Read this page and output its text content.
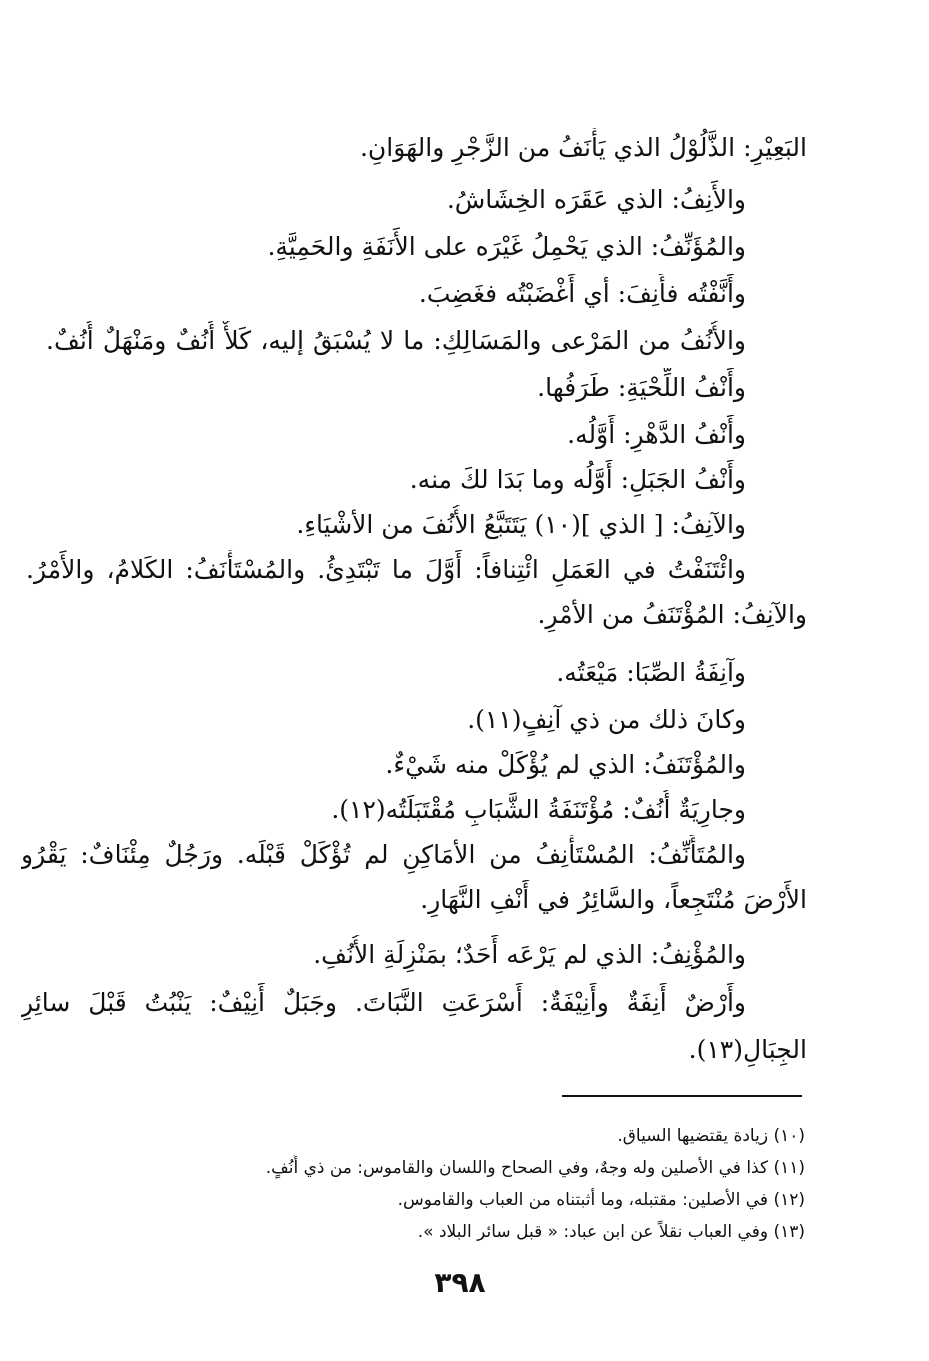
البَعِيْرِ: الذَّلُوْلُ الذي يَأْنَفُ من الزَّجْرِ والهَوَانِ.
والأَنِفُ: الذي عَقَرَه الخِشَاشُ.
والمُؤَنِّفُ: الذي يَحْمِلُ غَيْرَه على الأَنَفَةِ والحَمِيَّةِ.
وأَنَّفْتُه فأَنِفَ: أي أَغْضَبْتُه فغَضِبَ.
والأُنُفُ من المَرْعى والمَسَالِكِ: ما لا يُسْبَقُ إليه، كَلأٌ أُنُفٌ ومَنْهَلٌ أُنُفٌ.
وأَنْفُ اللِّحْيَةِ: طَرَفُها.
وأَنْفُ الدَّهْرِ: أَوَّلُه.
وأَنْفُ الجَبَلِ: أَوَّلُه وما بَدَا لكَ منه.
والآنِفُ: [ الذي ](١٠) يَتَتَبَّعُ الأُنُفَ من الأشْيَاءِ.
وائْتَنَفْتُ في العَمَلِ ائْتِنافاً: أَوَّلَ ما تَبْتَدِئُ. والمُسْتَأْنَفُ: الكَلامُ، والأَمْرُ.
والآنِفُ: المُؤْتَنَفُ من الأمْرِ.
وآنِفَةُ الصِّبَا: مَيْعَتُه.
وكانَ ذلك من ذي آنِفٍ(١١).
والمُؤْتَنَفُ: الذي لم يُؤْكَلْ منه شَيْءٌ.
وجارِيَةٌ أُنُفٌ: مُؤْتَنَفَةُ الشَّبَابِ مُقْتَبَلَتُه(١٢).
والمُتَأَنِّفُ: المُسْتَأْنِفُ من الأمَاكِنِ لم تُؤْكَلْ قَبْلَه. ورَجُلٌ مِئْنَافٌ: يَقْرُو
الأَرْضَ مُنْتَجِعاً، والسَّائِرُ في أَنْفِ النَّهَارِ.
والمُؤْنِفُ: الذي لم يَرْعَه أَحَدٌ؛ بمَنْزِلَةِ الأُنُفِ.
وأَرْضٌ أَنِفَةٌ وأَنِيْفَةٌ: أَسْرَعَتِ النَّبَاتَ. وجَبَلٌ أَنِيْفٌ: يَنْبُتُ قَبْلَ سائِرِ
الجِبَالِ(١٣).
(١٠) زيادة يقتضيها السياق.
(١١) كذا في الأصلين وله وجهٌ، وفي الصحاح واللسان والقاموس: من ذي أُنُفٍ.
(١٢) في الأصلين: مقتبله، وما أثبتناه من العباب والقاموس.
(١٣) وفي العباب نقلاً عن ابن عباد: « قبل سائر البلاد ».
٣٩٨
